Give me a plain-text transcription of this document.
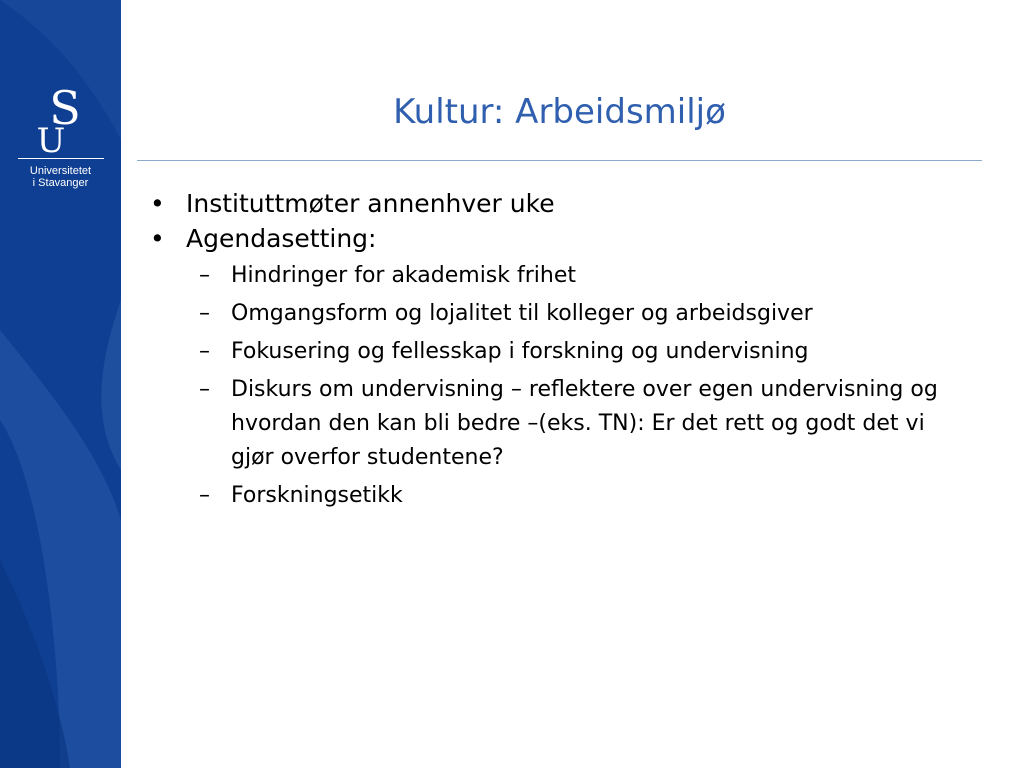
S
U
Universitetet
i Stavanger
Kultur: Arbeidsmiljø
• Instituttmøter annenhver uke
• Agendasetting:
– Hindringer for akademisk frihet
– Omgangsform og lojalitet til kolleger og arbeidsgiver
– Fokusering og fellesskap i forskning og undervisning
– Diskurs om undervisning – reflektere over egen undervisning og hvordan den kan bli bedre –(eks. TN): Er det rett og godt det vi gjør overfor studentene?
– Forskningsetikk
